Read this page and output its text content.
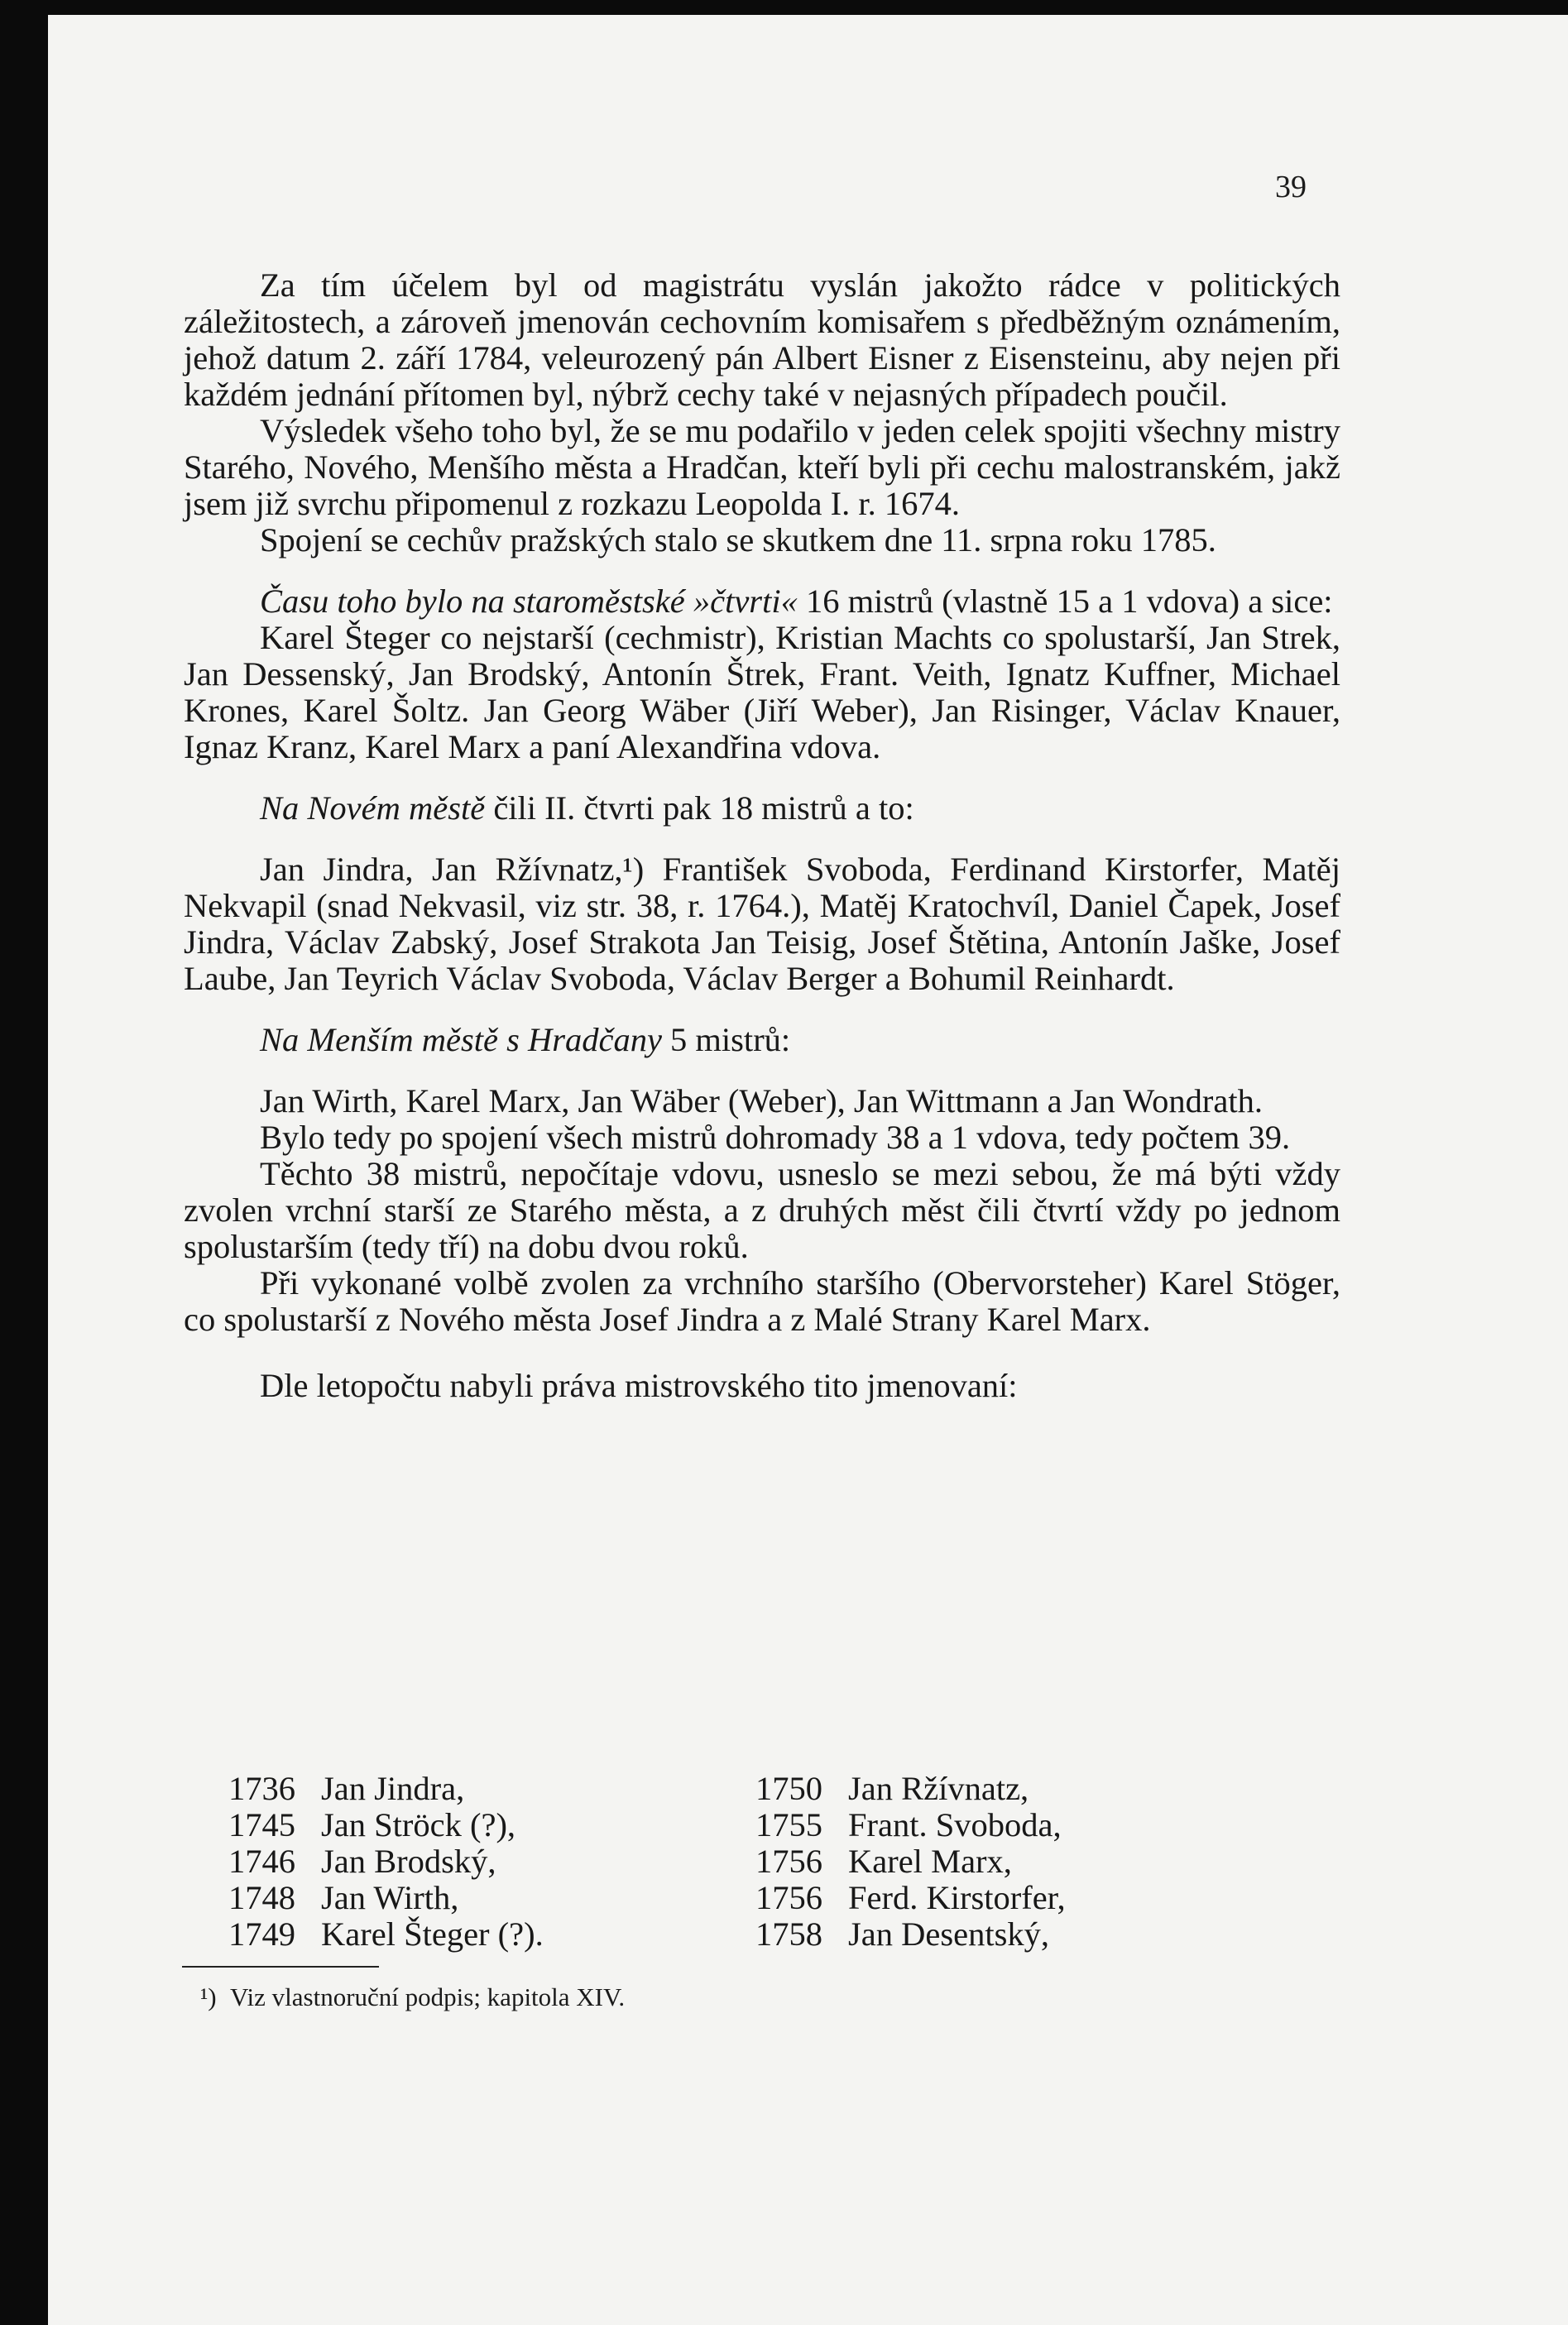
39

Za tím účelem byl od magistrátu vyslán jakožto rádce v politických záležitostech, a zároveň jmenován cechovním komisařem s předběžným oznámením, jehož datum 2. září 1784, veleurozený pán Albert Eisner z Eisensteinu, aby nejen při každém jednání přítomen byl, nýbrž cechy také v nejasných případech poučil.

Výsledek všeho toho byl, že se mu podařilo v jeden celek spojiti všechny mistry Starého, Nového, Menšího města a Hradčan, kteří byli při cechu malostranském, jakž jsem již svrchu připomenul z rozkazu Leopolda I. r. 1674.

Spojení se cechův pražských stalo se skutkem dne 11. srpna roku 1785.

Času toho bylo na staroměstské »čtvrti« 16 mistrů (vlastně 15 a 1 vdova) a sice:

Karel Šteger co nejstarší (cechmistr), Kristian Machts co spolustarší, Jan Strek, Jan Dessenský, Jan Brodský, Antonín Štrek, Frant. Veith, Ignatz Kuffner, Michael Krones, Karel Šoltz. Jan Georg Wäber (Jiří Weber), Jan Risinger, Václav Knauer, Ignaz Kranz, Karel Marx a paní Alexandřina vdova.

Na Novém městě čili II. čtvrti pak 18 mistrů a to:

Jan Jindra, Jan Ržívnatz,¹) František Svoboda, Ferdinand Kirstorfer, Matěj Nekvapil (snad Nekvasil, viz str. 38, r. 1764.), Matěj Kratochvíl, Daniel Čapek, Josef Jindra, Václav Zabský, Josef Strakota Jan Teisig, Josef Štětina, Antonín Jaške, Josef Laube, Jan Teyrich Václav Svoboda, Václav Berger a Bohumil Reinhardt.

Na Menším městě s Hradčany 5 mistrů:

Jan Wirth, Karel Marx, Jan Wäber (Weber), Jan Wittmann a Jan Wondrath.

Bylo tedy po spojení všech mistrů dohromady 38 a 1 vdova, tedy počtem 39.

Těchto 38 mistrů, nepočítaje vdovu, usneslo se mezi sebou, že má býti vždy zvolen vrchní starší ze Starého města, a z druhých měst čili čtvrtí vždy po jednom spolustarším (tedy tří) na dobu dvou roků.

Při vykonané volbě zvolen za vrchního staršího (Obervorsteher) Karel Stöger, co spolustarší z Nového města Josef Jindra a z Malé Strany Karel Marx.

Dle letopočtu nabyli práva mistrovského tito jmenovaní:

1736 Jan Jindra,
1745 Jan Ströck (?),
1746 Jan Brodský,
1748 Jan Wirth,
1749 Karel Šteger (?).
1750 Jan Ržívnatz,
1755 Frant. Svoboda,
1756 Karel Marx,
1756 Ferd. Kirstorfer,
1758 Jan Desentský,
¹) Viz vlastnoruční podpis; kapitola XIV.
